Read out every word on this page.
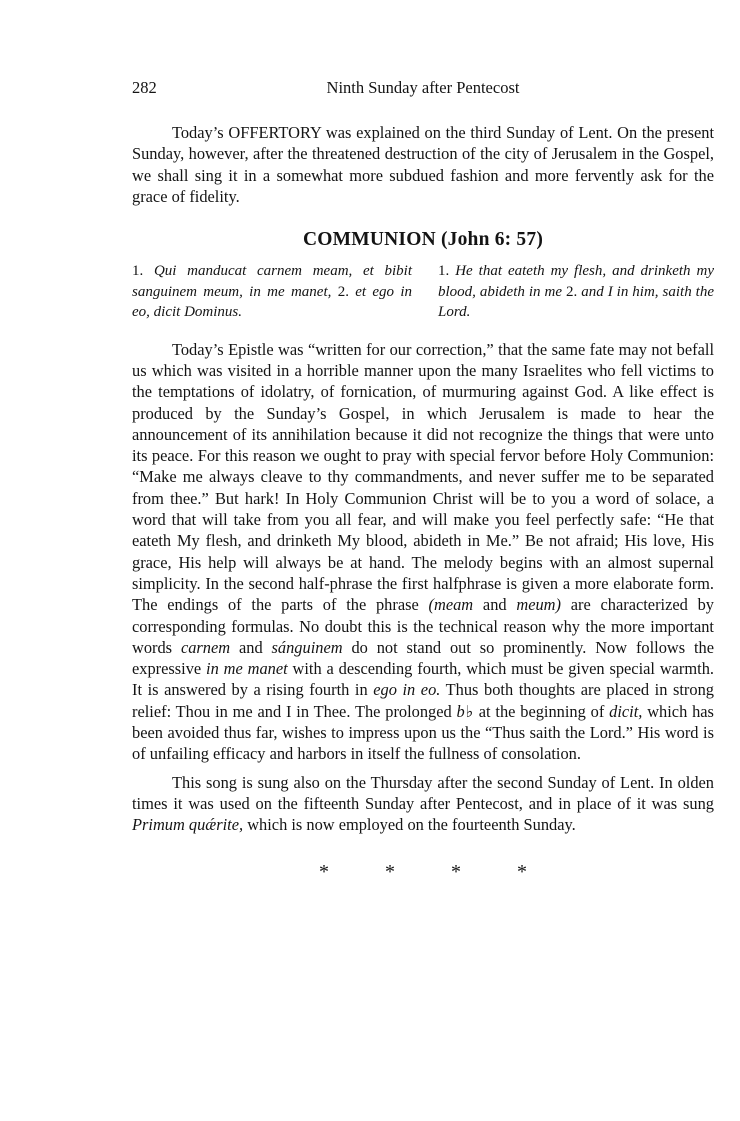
282	Ninth Sunday after Pentecost

Today’s OFFERTORY was explained on the third Sunday of Lent. On the present Sunday, however, after the threatened destruction of the city of Jerusalem in the Gospel, we shall sing it in a somewhat more subdued fashion and more fervently ask for the grace of fidelity.

COMMUNION (John 6: 57)
1. Qui manducat carnem meam, et bibit sanguinem meum, in me manet, 2. et ego in eo, dicit Dominus.
1. He that eateth my flesh, and drinketh my blood, abideth in me 2. and I in him, saith the Lord.

Today’s Epistle was “written for our correction,” that the same fate may not befall us which was visited in a horrible manner upon the many Israelites who fell victims to the temptations of idolatry, of fornication, of murmuring against God. A like effect is produced by the Sunday’s Gospel, in which Jerusalem is made to hear the announcement of its annihilation because it did not recognize the things that were unto its peace. For this reason we ought to pray with special fervor before Holy Communion: “Make me always cleave to thy commandments, and never suffer me to be separated from thee.” But hark! In Holy Communion Christ will be to you a word of solace, a word that will take from you all fear, and will make you feel perfectly safe: “He that eateth My flesh, and drinketh My blood, abideth in Me.” Be not afraid; His love, His grace, His help will always be at hand. The melody begins with an almost supernal simplicity. In the second half-phrase the first halfphrase is given a more elaborate form. The endings of the parts of the phrase (meam and meum) are characterized by corresponding formulas. No doubt this is the technical reason why the more important words carnem and sánguinem do not stand out so prominently. Now follows the expressive in me manet with a descending fourth, which must be given special warmth. It is answered by a rising fourth in ego in eo. Thus both thoughts are placed in strong relief: Thou in me and I in Thee. The prolonged b♭ at the beginning of dicit, which has been avoided thus far, wishes to impress upon us the “Thus saith the Lord.” His word is of unfailing efficacy and harbors in itself the fullness of consolation.

This song is sung also on the Thursday after the second Sunday of Lent. In olden times it was used on the fifteenth Sunday after Pentecost, and in place of it was sung Primum quǽrite, which is now employed on the fourteenth Sunday.

*	*	*	*
